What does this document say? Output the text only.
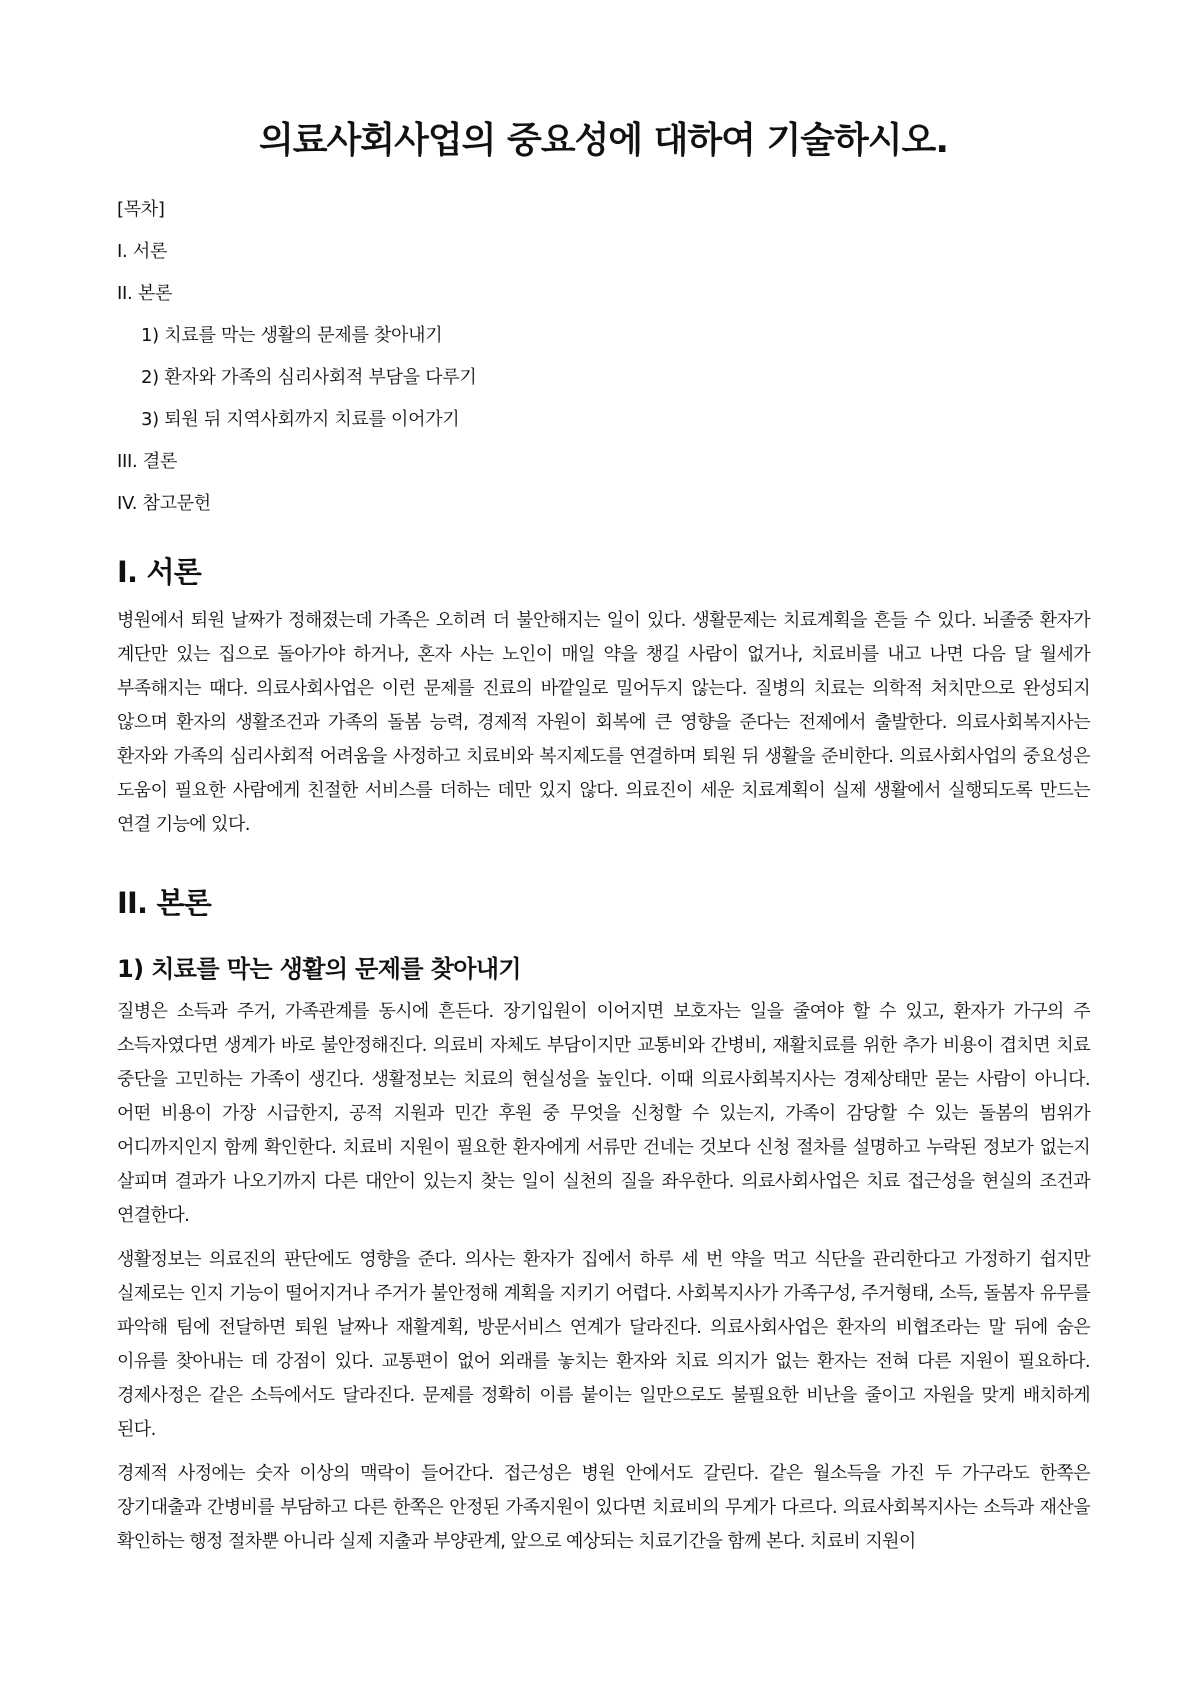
의료사회사업의 중요성에 대하여 기술하시오.
[목차]
I. 서론
II. 본론
1) 치료를 막는 생활의 문제를 찾아내기
2) 환자와 가족의 심리사회적 부담을 다루기
3) 퇴원 뒤 지역사회까지 치료를 이어가기
III. 결론
IV. 참고문헌
I. 서론

병원에서 퇴원 날짜가 정해졌는데 가족은 오히려 더 불안해지는 일이 있다. 생활문제는 치료계획을 흔들 수 있다. 뇌졸중 환자가 계단만 있는 집으로 돌아가야 하거나, 혼자 사는 노인이 매일 약을 챙길 사람이 없거나, 치료비를 내고 나면 다음 달 월세가 부족해지는 때다. 의료사회사업은 이런 문제를 진료의 바깥일로 밀어두지 않는다. 질병의 치료는 의학적 처치만으로 완성되지 않으며 환자의 생활조건과 가족의 돌봄 능력, 경제적 자원이 회복에 큰 영향을 준다는 전제에서 출발한다. 의료사회복지사는 환자와 가족의 심리사회적 어려움을 사정하고 치료비와 복지제도를 연결하며 퇴원 뒤 생활을 준비한다. 의료사회사업의 중요성은 도움이 필요한 사람에게 친절한 서비스를 더하는 데만 있지 않다. 의료진이 세운 치료계획이 실제 생활에서 실행되도록 만드는 연결 기능에 있다.

II. 본론
1) 치료를 막는 생활의 문제를 찾아내기

질병은 소득과 주거, 가족관계를 동시에 흔든다. 장기입원이 이어지면 보호자는 일을 줄여야 할 수 있고, 환자가 가구의 주 소득자였다면 생계가 바로 불안정해진다. 의료비 자체도 부담이지만 교통비와 간병비, 재활치료를 위한 추가 비용이 겹치면 치료 중단을 고민하는 가족이 생긴다. 생활정보는 치료의 현실성을 높인다. 이때 의료사회복지사는 경제상태만 묻는 사람이 아니다. 어떤 비용이 가장 시급한지, 공적 지원과 민간 후원 중 무엇을 신청할 수 있는지, 가족이 감당할 수 있는 돌봄의 범위가 어디까지인지 함께 확인한다. 치료비 지원이 필요한 환자에게 서류만 건네는 것보다 신청 절차를 설명하고 누락된 정보가 없는지 살피며 결과가 나오기까지 다른 대안이 있는지 찾는 일이 실천의 질을 좌우한다. 의료사회사업은 치료 접근성을 현실의 조건과 연결한다.

생활정보는 의료진의 판단에도 영향을 준다. 의사는 환자가 집에서 하루 세 번 약을 먹고 식단을 관리한다고 가정하기 쉽지만 실제로는 인지 기능이 떨어지거나 주거가 불안정해 계획을 지키기 어렵다. 사회복지사가 가족구성, 주거형태, 소득, 돌봄자 유무를 파악해 팀에 전달하면 퇴원 날짜나 재활계획, 방문서비스 연계가 달라진다. 의료사회사업은 환자의 비협조라는 말 뒤에 숨은 이유를 찾아내는 데 강점이 있다. 교통편이 없어 외래를 놓치는 환자와 치료 의지가 없는 환자는 전혀 다른 지원이 필요하다. 경제사정은 같은 소득에서도 달라진다. 문제를 정확히 이름 붙이는 일만으로도 불필요한 비난을 줄이고 자원을 맞게 배치하게 된다.

경제적 사정에는 숫자 이상의 맥락이 들어간다. 접근성은 병원 안에서도 갈린다. 같은 월소득을 가진 두 가구라도 한쪽은 장기대출과 간병비를 부담하고 다른 한쪽은 안정된 가족지원이 있다면 치료비의 무게가 다르다. 의료사회복지사는 소득과 재산을 확인하는 행정 절차뿐 아니라 실제 지출과 부양관계, 앞으로 예상되는 치료기간을 함께 본다. 치료비 지원이
